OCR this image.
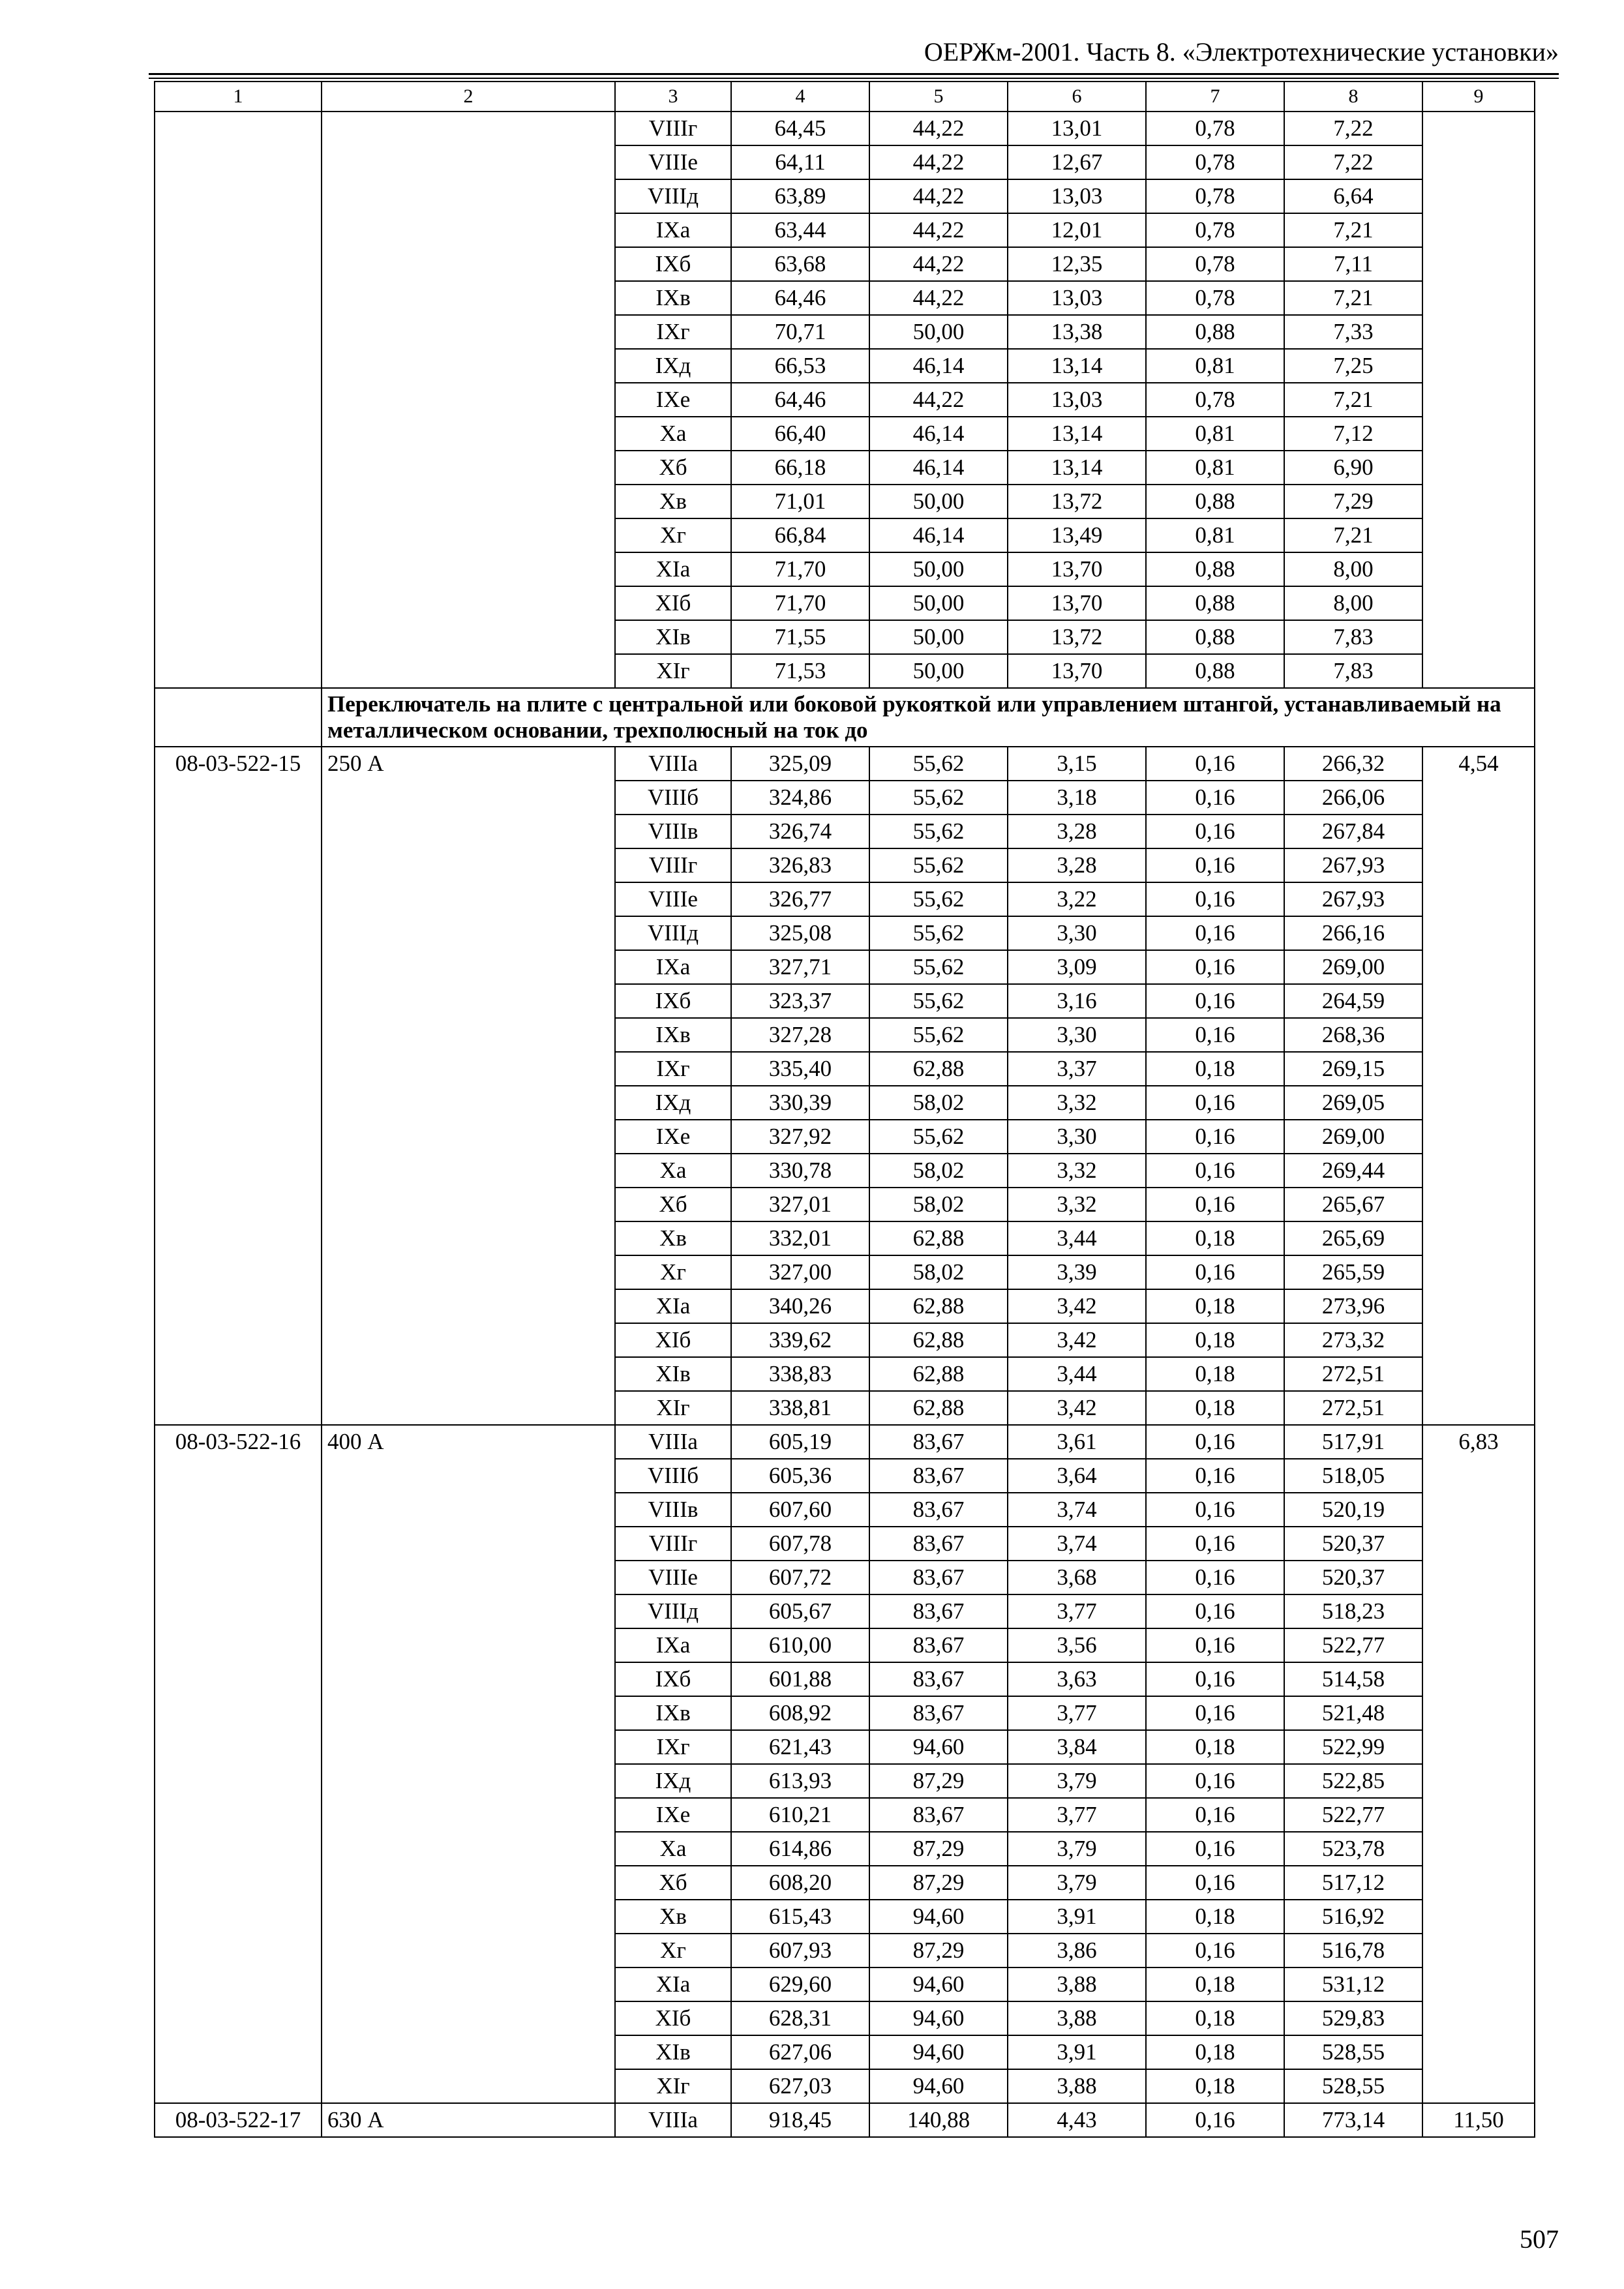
ОЕРЖм-2001. Часть 8. «Электротехнические установки»
1	2	3	4	5	6	7	8	9
		VIIIг	64,45	44,22	13,01	0,78	7,22	
		VIIIe	64,11	44,22	12,67	0,78	7,22	
		VIIIд	63,89	44,22	13,03	0,78	6,64	
		IXa	63,44	44,22	12,01	0,78	7,21	
		IXб	63,68	44,22	12,35	0,78	7,11	
		IXв	64,46	44,22	13,03	0,78	7,21	
		IXг	70,71	50,00	13,38	0,88	7,33	
		IXд	66,53	46,14	13,14	0,81	7,25	
		IXe	64,46	44,22	13,03	0,78	7,21	
		Xa	66,40	46,14	13,14	0,81	7,12	
		Xб	66,18	46,14	13,14	0,81	6,90	
		Xв	71,01	50,00	13,72	0,88	7,29	
		Xг	66,84	46,14	13,49	0,81	7,21	
		XIa	71,70	50,00	13,70	0,88	8,00	
		XIб	71,70	50,00	13,70	0,88	8,00	
		XIв	71,55	50,00	13,72	0,88	7,83	
		XIг	71,53	50,00	13,70	0,88	7,83	
	Переключатель на плите с центральной или боковой рукояткой или управлением штангой, устанавливаемый на металлическом основании, трехполюсный на ток до							
08-03-522-15	250 А	VIIIa	325,09	55,62	3,15	0,16	266,32	4,54
		VIIIб	324,86	55,62	3,18	0,16	266,06	
		VIIIв	326,74	55,62	3,28	0,16	267,84	
		VIIIг	326,83	55,62	3,28	0,16	267,93	
		VIIIe	326,77	55,62	3,22	0,16	267,93	
		VIIIд	325,08	55,62	3,30	0,16	266,16	
		IXa	327,71	55,62	3,09	0,16	269,00	
		IXб	323,37	55,62	3,16	0,16	264,59	
		IXв	327,28	55,62	3,30	0,16	268,36	
		IXг	335,40	62,88	3,37	0,18	269,15	
		IXд	330,39	58,02	3,32	0,16	269,05	
		IXe	327,92	55,62	3,30	0,16	269,00	
		Xa	330,78	58,02	3,32	0,16	269,44	
		Xб	327,01	58,02	3,32	0,16	265,67	
		Xв	332,01	62,88	3,44	0,18	265,69	
		Xг	327,00	58,02	3,39	0,16	265,59	
		XIa	340,26	62,88	3,42	0,18	273,96	
		XIб	339,62	62,88	3,42	0,18	273,32	
		XIв	338,83	62,88	3,44	0,18	272,51	
		XIг	338,81	62,88	3,42	0,18	272,51	
08-03-522-16	400 А	VIIIa	605,19	83,67	3,61	0,16	517,91	6,83
		VIIIб	605,36	83,67	3,64	0,16	518,05	
		VIIIв	607,60	83,67	3,74	0,16	520,19	
		VIIIг	607,78	83,67	3,74	0,16	520,37	
		VIIIe	607,72	83,67	3,68	0,16	520,37	
		VIIIд	605,67	83,67	3,77	0,16	518,23	
		IXa	610,00	83,67	3,56	0,16	522,77	
		IXб	601,88	83,67	3,63	0,16	514,58	
		IXв	608,92	83,67	3,77	0,16	521,48	
		IXг	621,43	94,60	3,84	0,18	522,99	
		IXд	613,93	87,29	3,79	0,16	522,85	
		IXe	610,21	83,67	3,77	0,16	522,77	
		Xa	614,86	87,29	3,79	0,16	523,78	
		Xб	608,20	87,29	3,79	0,16	517,12	
		Xв	615,43	94,60	3,91	0,18	516,92	
		Xг	607,93	87,29	3,86	0,16	516,78	
		XIa	629,60	94,60	3,88	0,18	531,12	
		XIб	628,31	94,60	3,88	0,18	529,83	
		XIв	627,06	94,60	3,91	0,18	528,55	
		XIг	627,03	94,60	3,88	0,18	528,55	
08-03-522-17	630 А	VIIIa	918,45	140,88	4,43	0,16	773,14	11,50
507
